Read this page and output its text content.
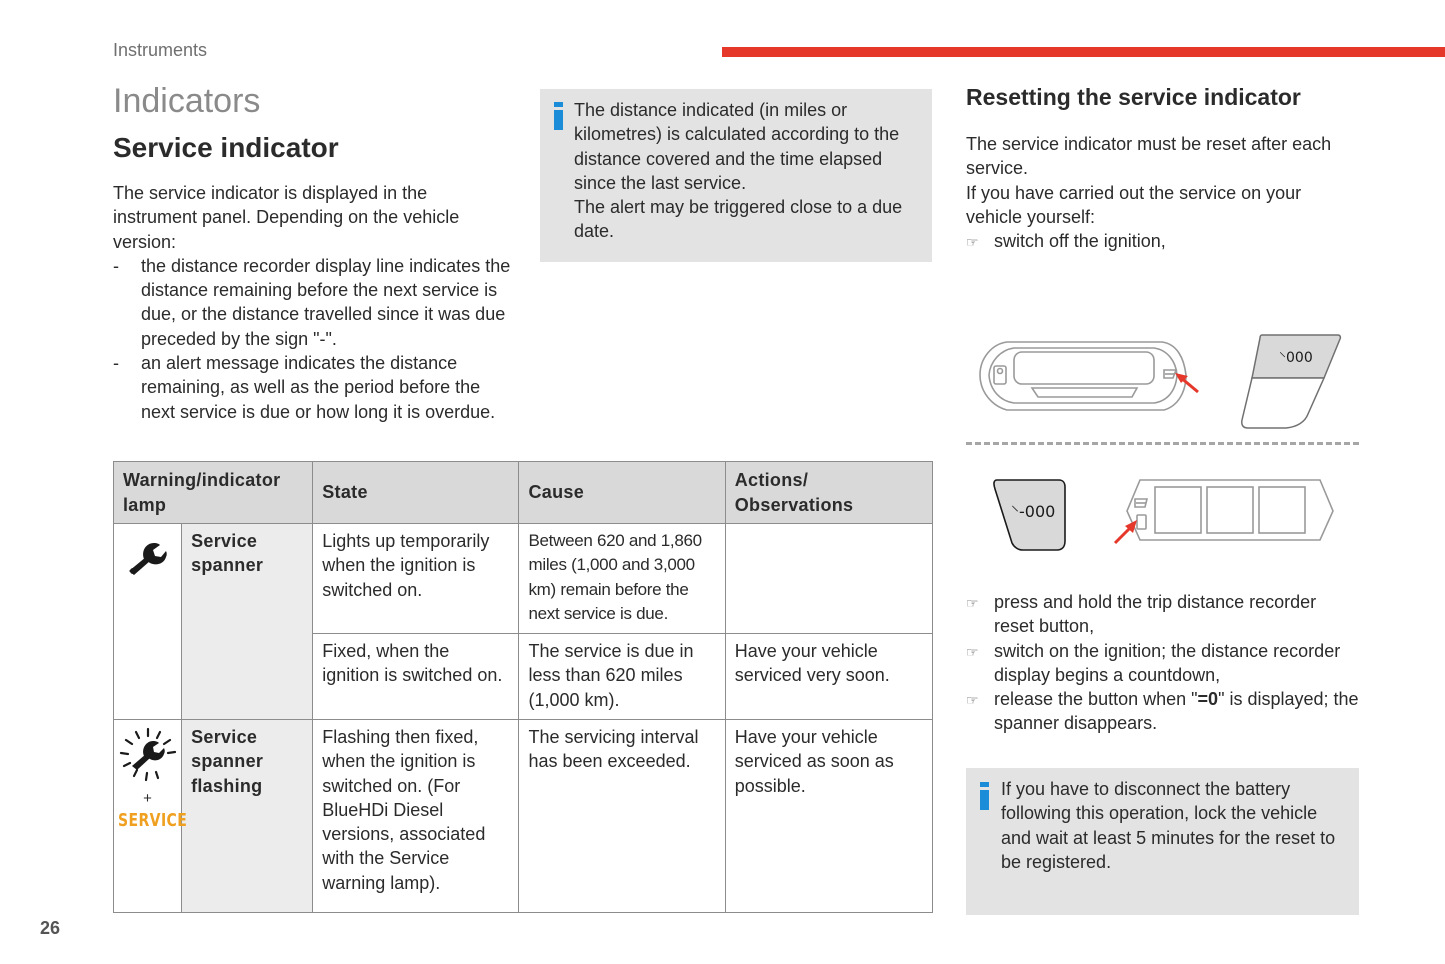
Instruments
Indicators
Service indicator
The service indicator is displayed in the instrument panel. Depending on the vehicle version:
- the distance recorder display line indicates the distance remaining before the next service is due, or the distance travelled since it was due preceded by the sign "-".
- an alert message indicates the distance remaining, as well as the period before the next service is due or how long it is overdue.
The distance indicated (in miles or kilometres) is calculated according to the distance covered and the time elapsed since the last service.
The alert may be triggered close to a due date.
Warning/indicator lamp		State	Cause	Actions/ Observations
	Service spanner	Lights up temporarily when the ignition is switched on.	Between 620 and 1,860 miles (1,000 and 3,000 km) remain before the next service is due.	
		Fixed, when the ignition is switched on.	The service is due in less than 620 miles (1,000 km).	Have your vehicle serviced very soon.

+
SERVICE	Service spanner flashing	Flashing then fixed, when the ignition is switched on. (For BlueHDi Diesel versions, associated with the Service warning lamp).	The servicing interval has been exceeded.	Have your vehicle serviced as soon as possible.
Resetting the service indicator
The service indicator must be reset after each service.
If you have carried out the service on your vehicle yourself:
☞ switch off the ignition,
⸌000
⸌-000
☞ press and hold the trip distance recorder reset button,
☞ switch on the ignition; the distance recorder display begins a countdown,
☞ release the button when "=0" is displayed; the spanner disappears.
If you have to disconnect the battery following this operation, lock the vehicle and wait at least 5 minutes for the reset to be registered.
26
